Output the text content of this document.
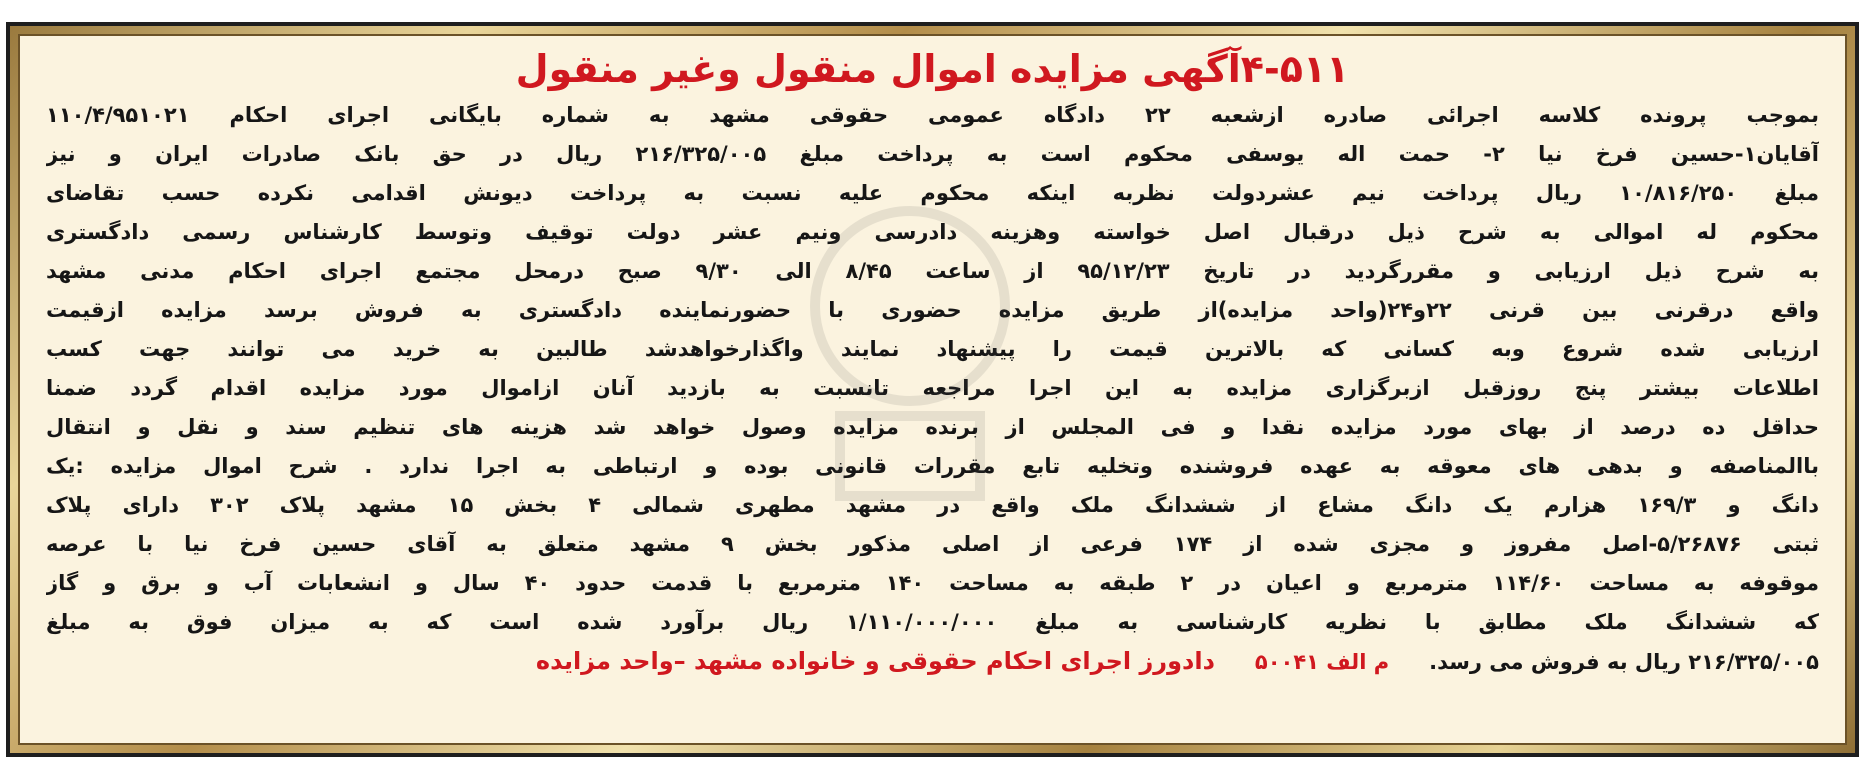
۴-۵۱۱آگهی مزایده اموال منقول وغیر منقول
بموجب پرونده کلاسه اجرائی صادره ازشعبه ۲۲ دادگاه عمومی حقوقی مشهد به شماره بایگانی اجرای احکام ۱۱۰/۴/۹۵۱۰۲۱
آقایان۱-حسین فرخ نیا ۲- حمت اله یوسفی محکوم است به پرداخت مبلغ ۲۱۶/۳۲۵/۰۰۵ ریال در حق بانک صادرات ایران و نیز
مبلغ ۱۰/۸۱۶/۲۵۰ ریال پرداخت نیم عشردولت نظربه اینکه محکوم علیه نسبت به پرداخت دیونش اقدامی نکرده حسب تقاضای
محکوم له اموالی به شرح ذیل درقبال اصل خواسته وهزینه دادرسی ونیم عشر دولت توقیف وتوسط کارشناس رسمی دادگستری
به شرح ذیل ارزیابی و مقررگردید در تاریخ ۹۵/۱۲/۲۳ از ساعت ۸/۴۵ الی ۹/۳۰ صبح درمحل مجتمع اجرای احکام مدنی مشهد
واقع درقرنی بین قرنی ۲۲و۲۴(واحد مزایده)از طریق مزایده حضوری با حضورنماینده دادگستری به فروش برسد مزایده ازقیمت
ارزیابی شده شروع وبه کسانی که بالاترین قیمت را پیشنهاد نمایند واگذارخواهدشد طالبین به خرید می توانند جهت کسب
اطلاعات بیشتر پنج روزقبل ازبرگزاری مزایده به این اجرا مراجعه تانسبت به بازدید آنان ازاموال مورد مزایده اقدام گردد ضمنا
حداقل ده درصد از بهای مورد مزایده نقدا و فی المجلس از برنده مزایده وصول خواهد شد هزینه های تنظیم سند و نقل و انتقال
باالمناصفه و بدهی های معوقه به عهده فروشنده وتخلیه تابع مقررات قانونی بوده و ارتباطی به اجرا ندارد . شرح اموال مزایده :یک
دانگ و ۱۶۹/۳ هزارم یک دانگ مشاع از ششدانگ ملک واقع در مشهد مطهری شمالی ۴ بخش ۱۵ مشهد پلاک ۳۰۲ دارای پلاک
ثبتی ۵/۲۶۸۷۶-اصل مفروز و مجزی شده از ۱۷۴ فرعی از اصلی مذکور بخش ۹ مشهد متعلق به آقای حسین فرخ نیا با عرصه
موقوفه به مساحت ۱۱۴/۶۰ مترمربع و اعیان در ۲ طبقه به مساحت ۱۴۰ مترمربع با قدمت حدود ۴۰ سال و انشعابات آب و برق و گاز
که ششدانگ ملک مطابق با نظریه کارشناسی به مبلغ ۱/۱۱۰/۰۰۰/۰۰۰ ریال برآورد شده است که به میزان فوق به مبلغ
۲۱۶/۳۲۵/۰۰۵ ریال به فروش می رسد.
م الف ۵۰۰۴۱
دادورز اجرای احکام حقوقی و خانواده مشهد –واحد مزایده
